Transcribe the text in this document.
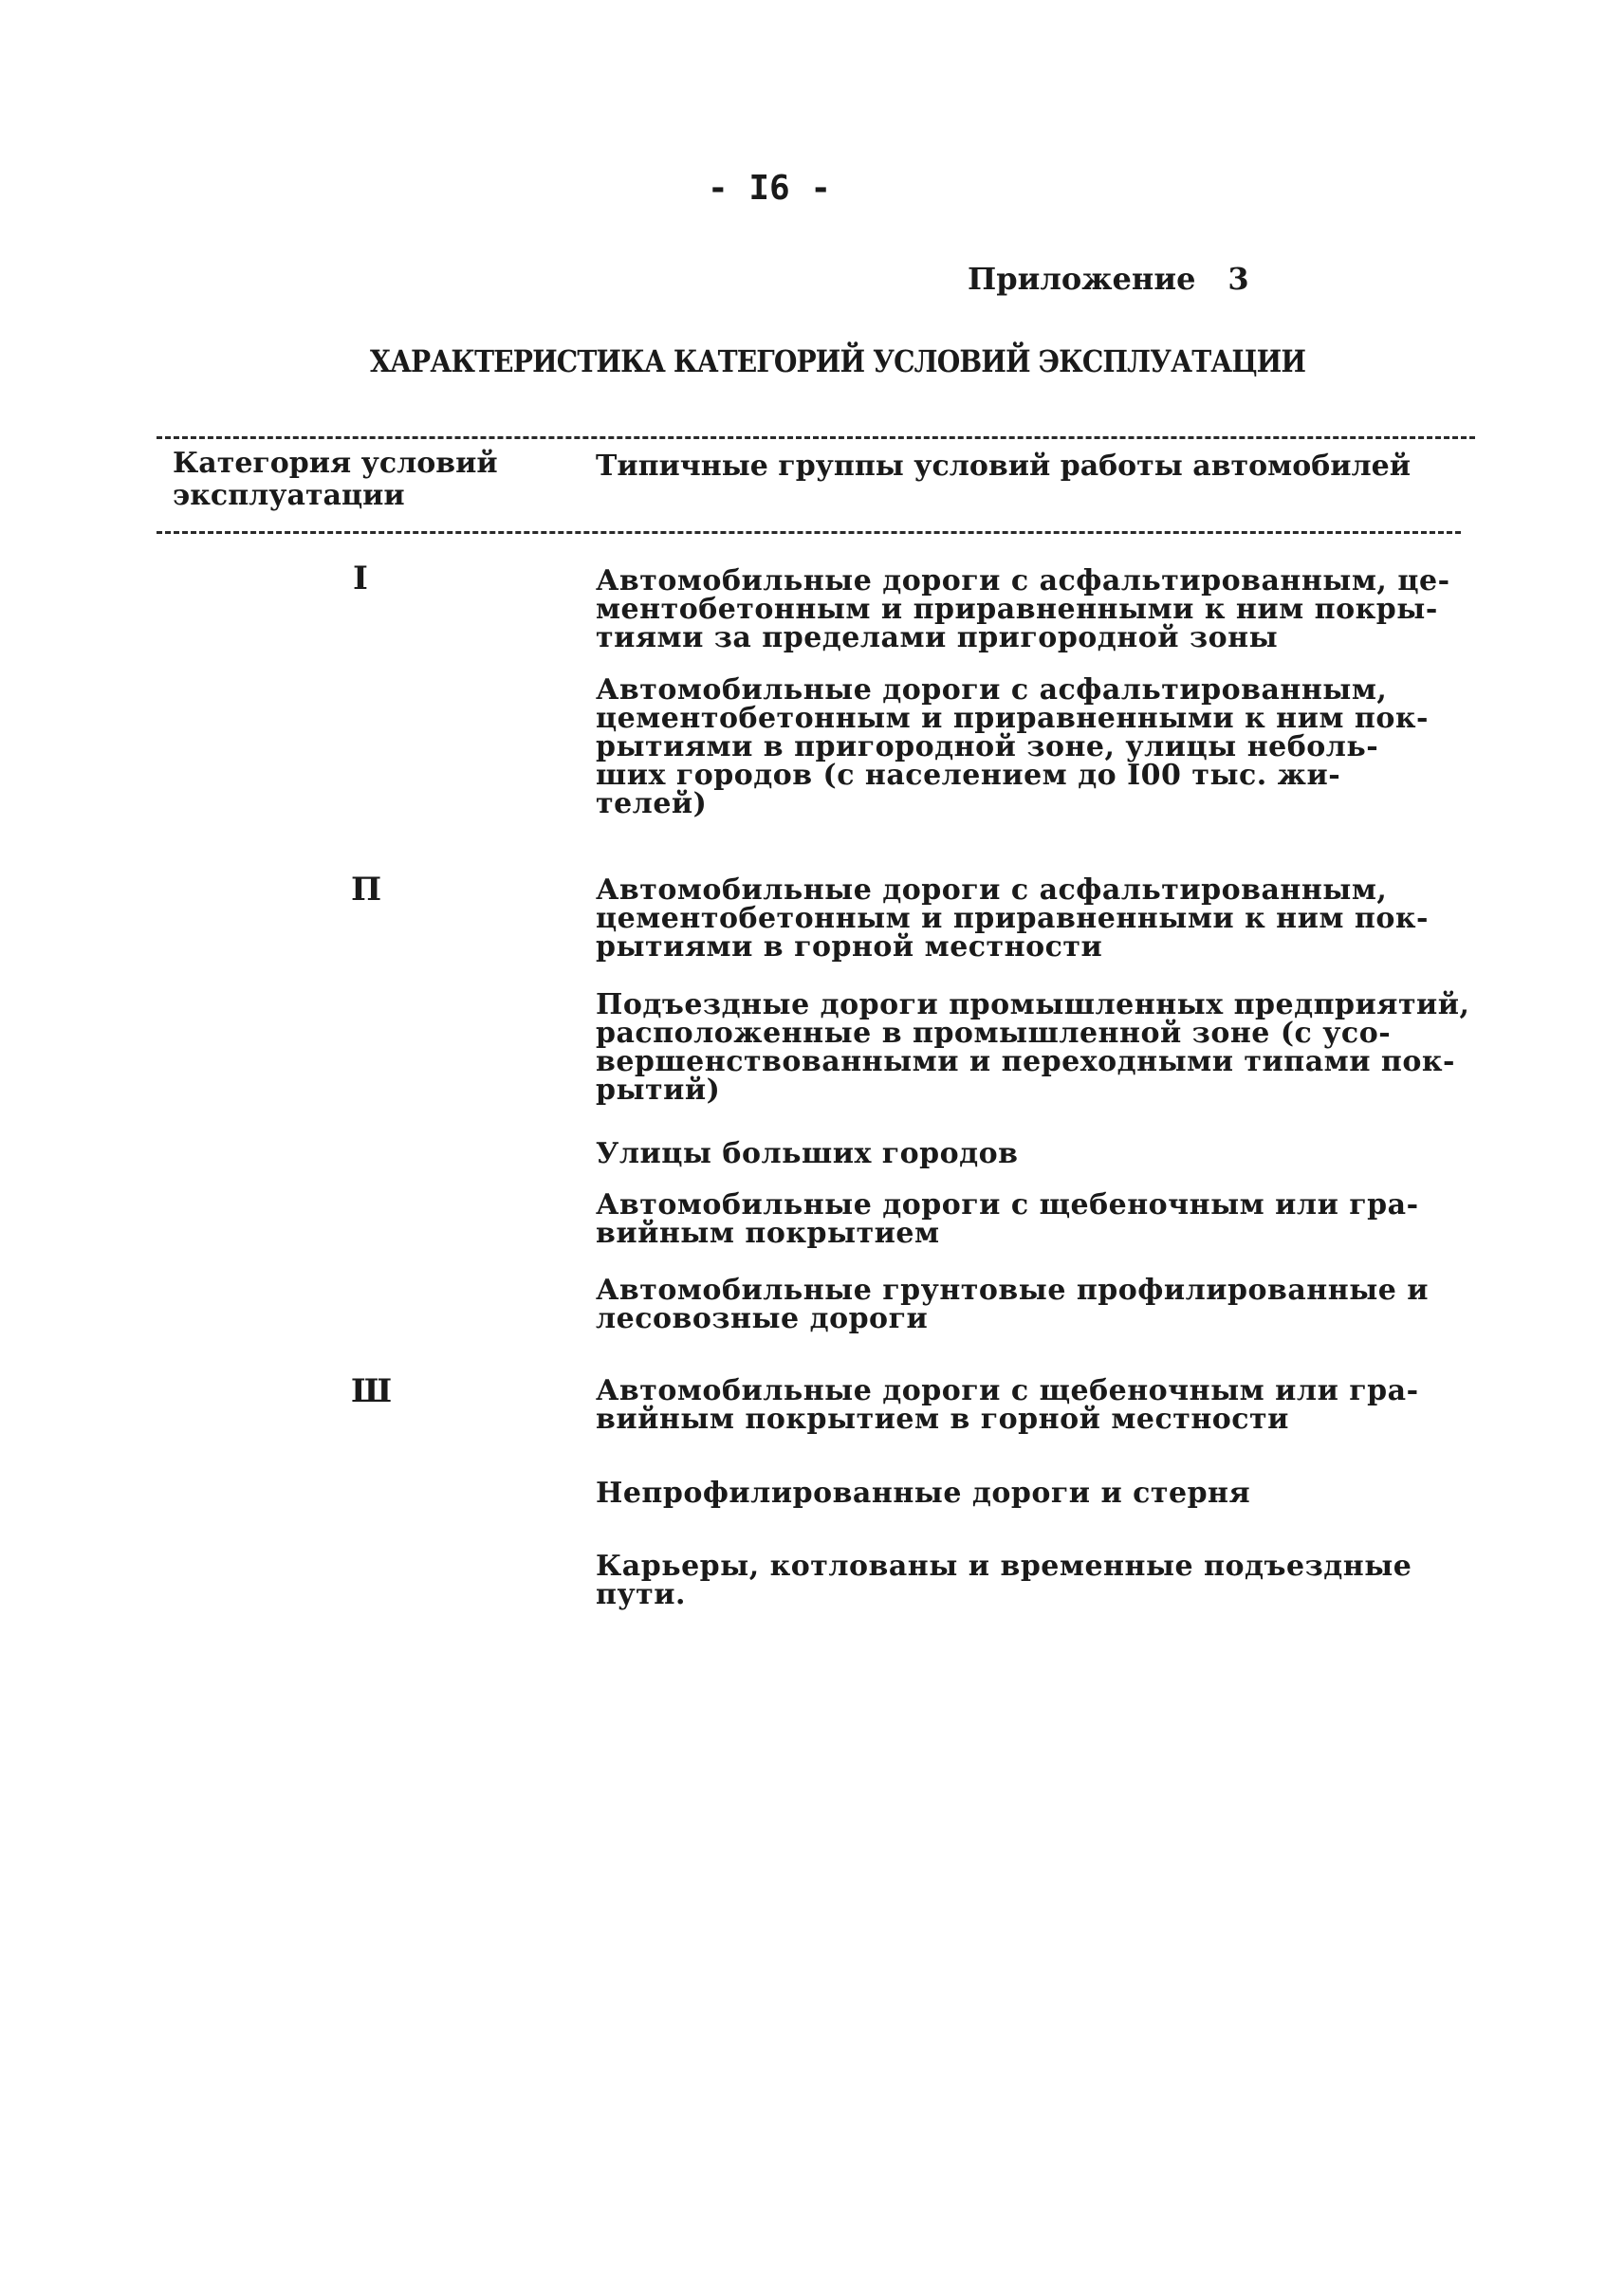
- I6 -
Приложение 3
ХАРАКТЕРИСТИКА КАТЕГОРИЙ УСЛОВИЙ ЭКСПЛУАТАЦИИ
Категория условий
эксплуатации
Типичные группы условий работы автомобилей
I
П
Ш
Автомобильные дороги с асфальтированным, це-
ментобетонным и приравненными к ним покры-
тиями за пределами пригородной зоны
Автомобильные дороги с асфальтированным,
цементобетонным и приравненными к ним пок-
рытиями в пригородной зоне, улицы неболь-
ших городов (с населением до I00 тыс. жи-
телей)
Автомобильные дороги с асфальтированным,
цементобетонным и приравненными к ним пок-
рытиями в горной местности
Подъездные дороги промышленных предприятий,
расположенные в промышленной зоне (с усо-
вершенствованными и переходными типами пок-
рытий)
Улицы больших городов
Автомобильные дороги с щебеночным или гра-
вийным покрытием
Автомобильные грунтовые профилированные и
лесовозные дороги
Автомобильные дороги с щебеночным или гра-
вийным покрытием в горной местности
Непрофилированные дороги и стерня
Карьеры, котлованы и временные подъездные
пути.
